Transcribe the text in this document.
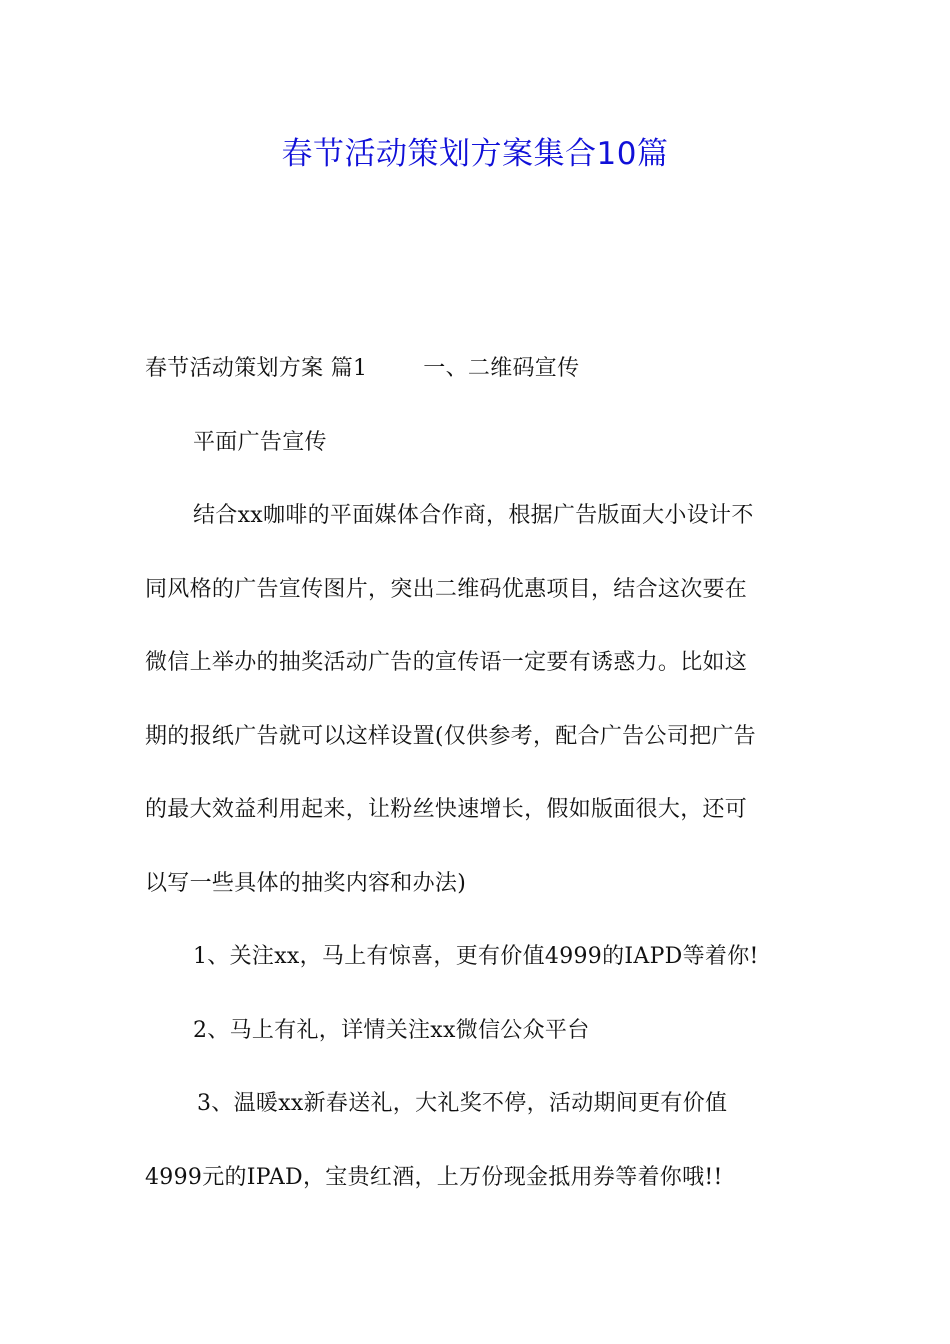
春节活动策划方案集合10篇
春节活动策划方案 篇1	一、二维码宣传
平面广告宣传
结合xx咖啡的平面媒体合作商，根据广告版面大小设计不
同风格的广告宣传图片，突出二维码优惠项目，结合这次要在
微信上举办的抽奖活动广告的宣传语一定要有诱惑力。比如这
期的报纸广告就可以这样设置(仅供参考，配合广告公司把广告
的最大效益利用起来，让粉丝快速增长，假如版面很大，还可
以写一些具体的抽奖内容和办法)
1、关注xx，马上有惊喜，更有价值4999的IAPD等着你!
2、马上有礼，详情关注xx微信公众平台
3、温暖xx新春送礼，大礼奖不停，活动期间更有价值
4999元的IPAD，宝贵红酒，上万份现金抵用券等着你哦!!
